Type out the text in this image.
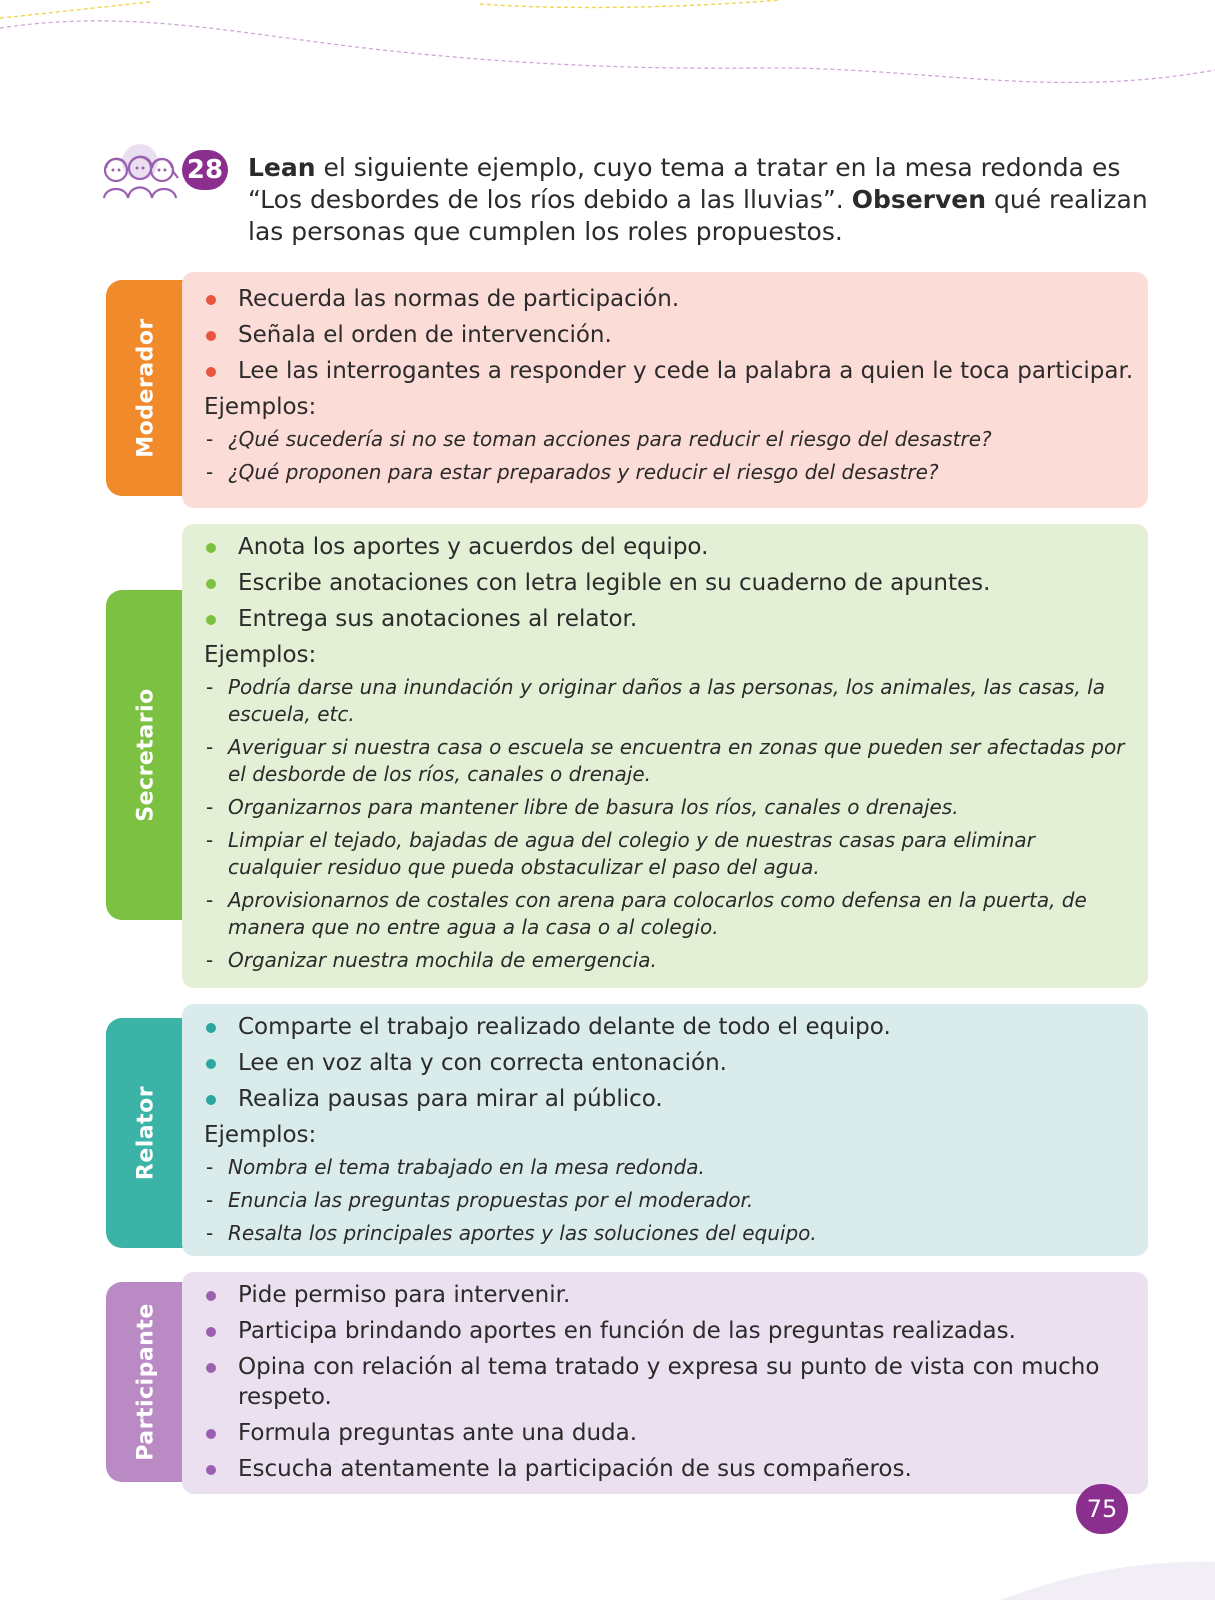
28 Lean el siguiente ejemplo, cuyo tema a tratar en la mesa redonda es “Los desbordes de los ríos debido a las lluvias”. Observen qué realizan las personas que cumplen los roles propuestos.

Moderador
Recuerda las normas de participación.
Señala el orden de intervención.
Lee las interrogantes a responder y cede la palabra a quien le toca participar.
Ejemplos:
- ¿Qué sucedería si no se toman acciones para reducir el riesgo del desastre?
- ¿Qué proponen para estar preparados y reducir el riesgo del desastre?
Secretario
Anota los aportes y acuerdos del equipo.
Escribe anotaciones con letra legible en su cuaderno de apuntes.
Entrega sus anotaciones al relator.
Ejemplos:
- Podría darse una inundación y originar daños a las personas, los animales, las casas, la escuela, etc.
- Averiguar si nuestra casa o escuela se encuentra en zonas que pueden ser afectadas por el desborde de los ríos, canales o drenaje.
- Organizarnos para mantener libre de basura los ríos, canales o drenajes.
- Limpiar el tejado, bajadas de agua del colegio y de nuestras casas para eliminar cualquier residuo que pueda obstaculizar el paso del agua.
- Aprovisionarnos de costales con arena para colocarlos como defensa en la puerta, de manera que no entre agua a la casa o al colegio.
- Organizar nuestra mochila de emergencia.
Relator
Comparte el trabajo realizado delante de todo el equipo.
Lee en voz alta y con correcta entonación.
Realiza pausas para mirar al público.
Ejemplos:
- Nombra el tema trabajado en la mesa redonda.
- Enuncia las preguntas propuestas por el moderador.
- Resalta los principales aportes y las soluciones del equipo.
Participante
Pide permiso para intervenir.
Participa brindando aportes en función de las preguntas realizadas.
Opina con relación al tema tratado y expresa su punto de vista con mucho respeto.
Formula preguntas ante una duda.
Escucha atentamente la participación de sus compañeros.
75
